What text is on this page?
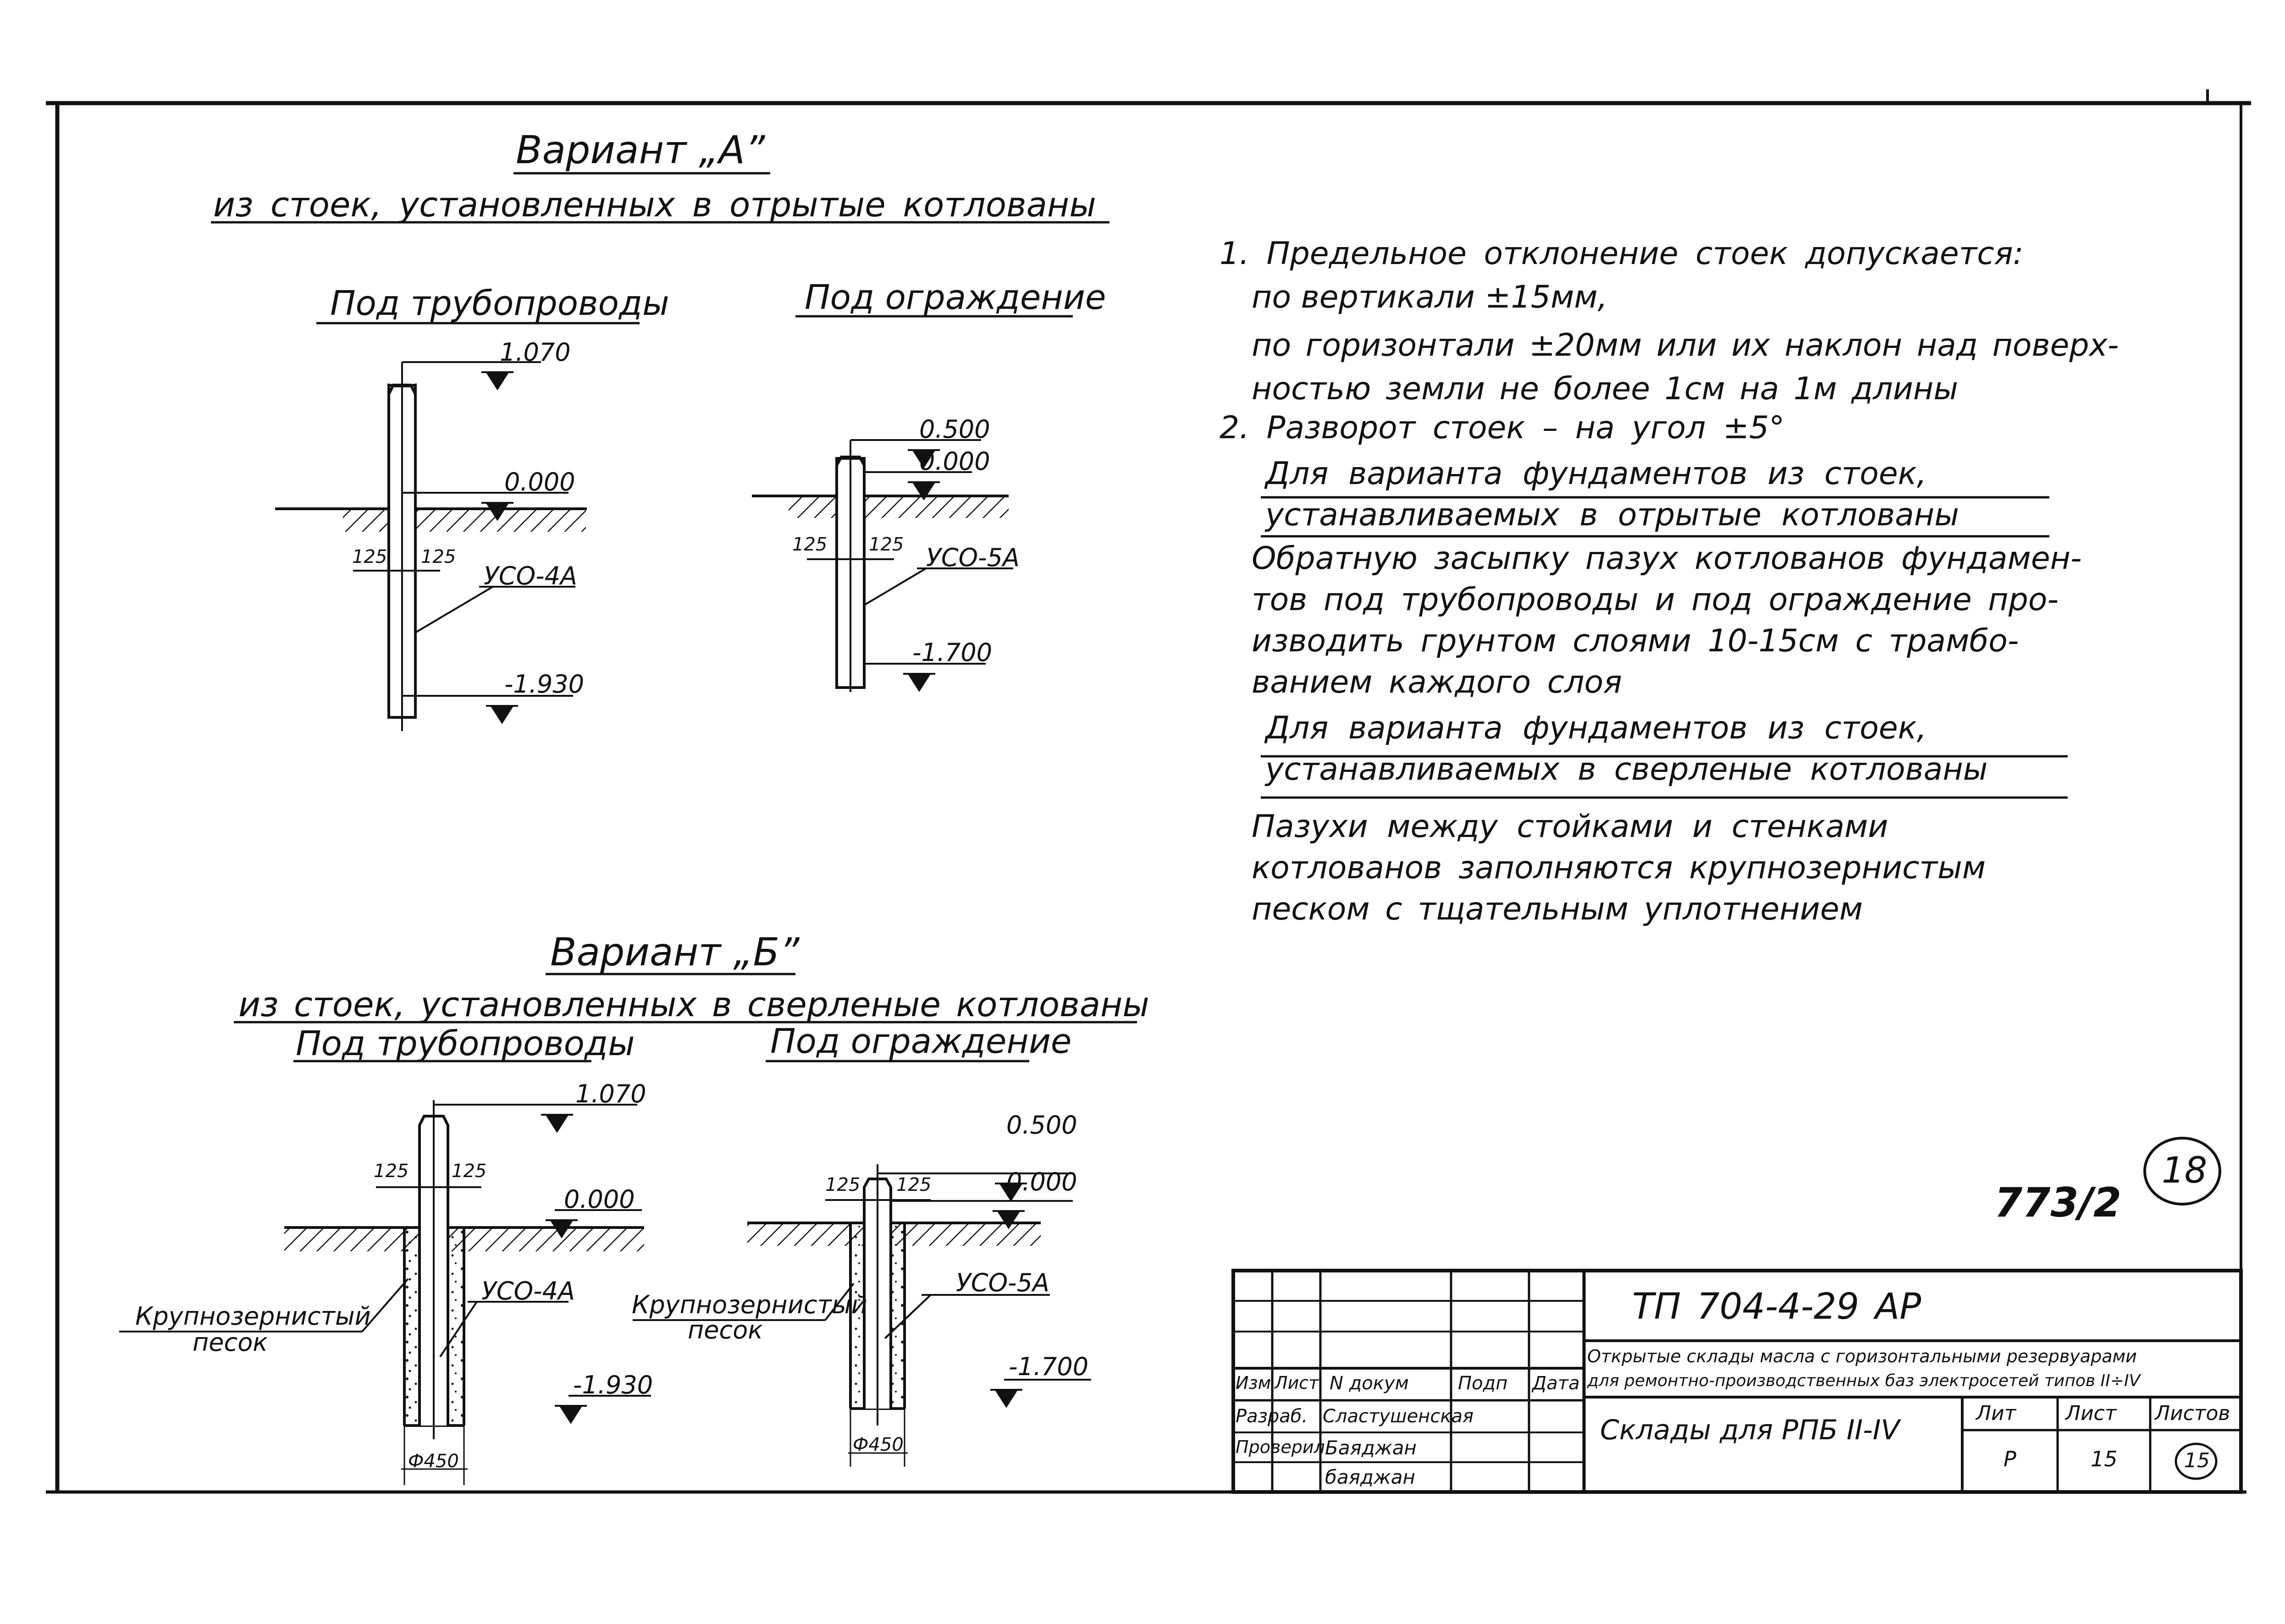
Вариант „А”
из стоек, установленных в отрытые котлованы
Под трубопроводы	Под ограждение
1.070
0.000
-1.930
125 125
УСО-4А
0.500
0.000
-1.700
125 125 УСО-5А
Вариант „Б”
из стоек, установленных в сверленые котлованы
Под трубопроводы	Под ограждение
1.070
0.000
-1.930
125 125
УСО-4А
Крупнозернистый
песок
Ф450
0.500
0.000
-1.700
125 125
УСО-5А
Крупнозернистый
песок
Ф450
1. Предельное отклонение стоек допускается:
по вертикали ±15мм,
по горизонтали ±20мм или их наклон над поверх-
ностью земли не более 1см на 1м длины
2. Разворот стоек – на угол ±5°
Для варианта фундаментов из стоек,
устанавливаемых в отрытые котлованы
Обратную засыпку пазух котлованов фундамен-
тов под трубопроводы и под ограждение про-
изводить грунтом слоями 10-15см с трамбо-
ванием каждого слоя
Для варианта фундаментов из стоек,
устанавливаемых в сверленые котлованы
Пазухи между стойками и стенками
котлованов заполняются крупнозернистым
песком с тщательным уплотнением
773/2
18
ТП 704-4-29 АР
Открытые склады масла с горизонтальными резервуарами
для ремонтно-производственных баз электросетей типов II÷IV
Склады для РПБ II-IV
Изм Лист N докум	Подп Дата
Разраб. Сластушенская
Проверил Баяджан
баяджан
Лит Лист Листов
Р	15	15
